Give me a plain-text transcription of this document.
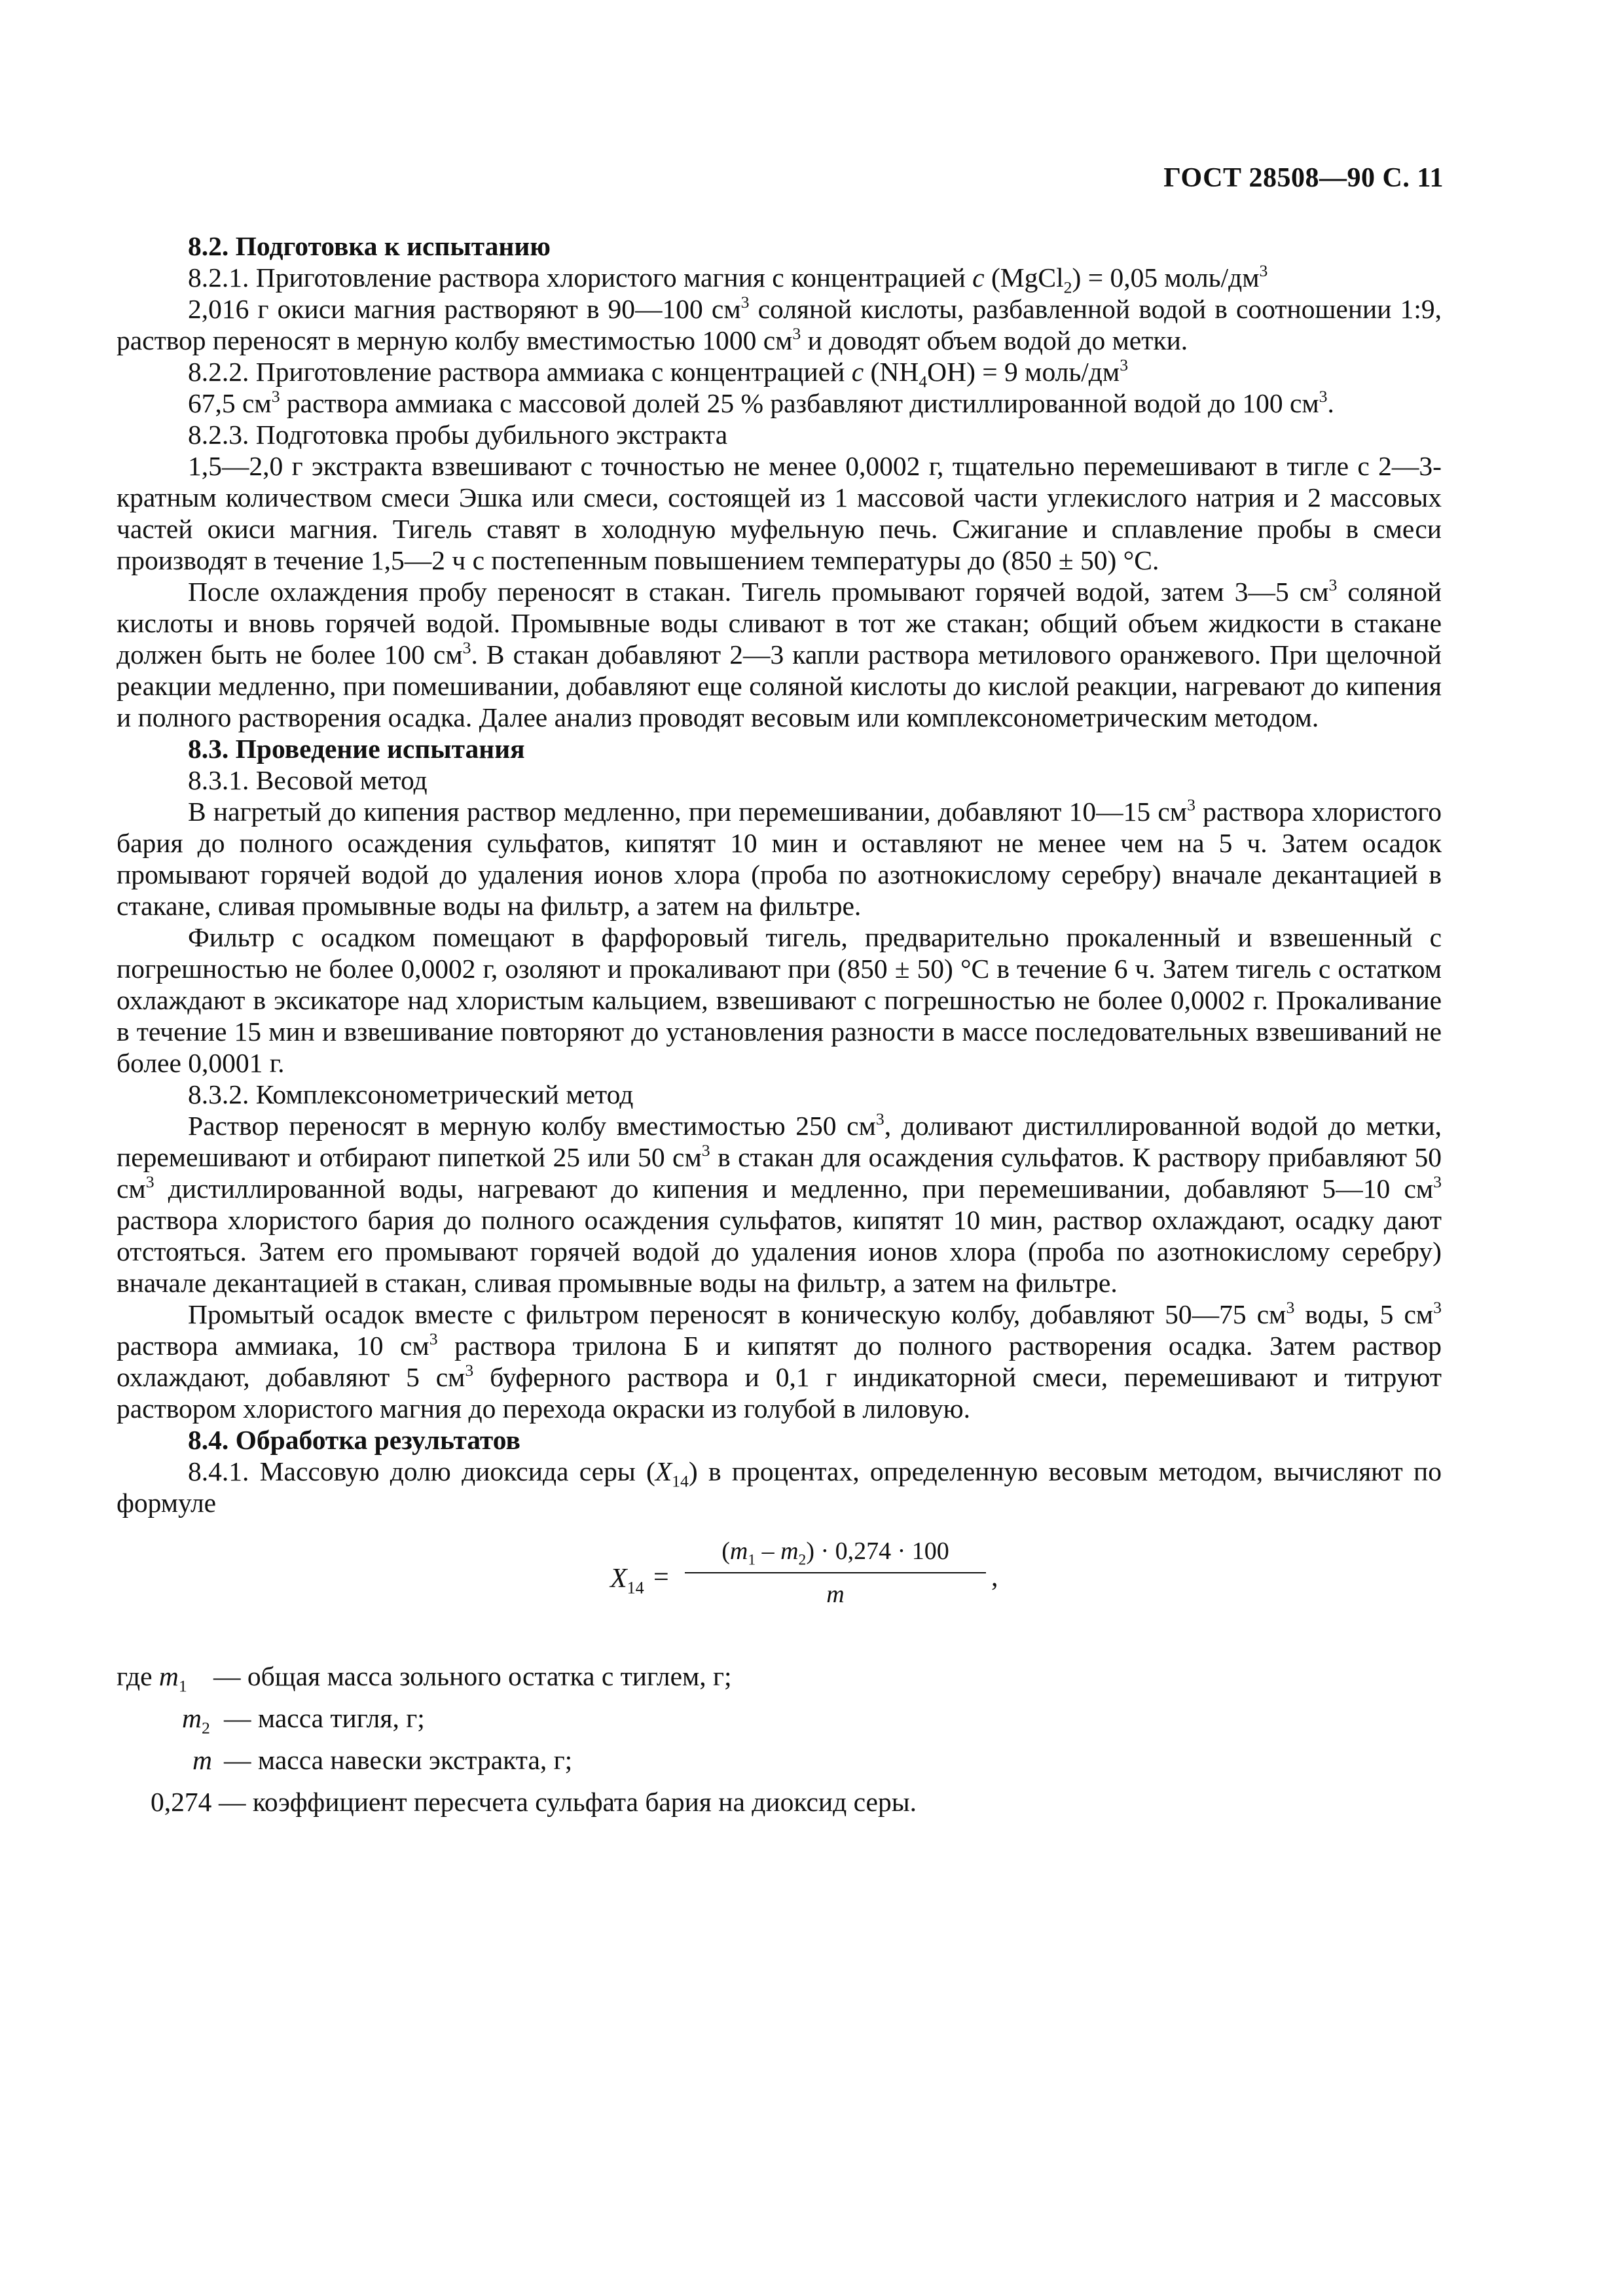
ГОСТ 28508—90 С. 11

8.2. Подготовка к испытанию

8.2.1. Приготовление раствора хлористого магния с концентрацией c (MgCl$_2$) = 0,05 моль/$дм^3$

2,016 г окиси магния растворяют в 90—100 $см^3$ соляной кислоты, разбавленной водой в соотношении 1:9, раствор переносят в мерную колбу вместимостью 1000 $см^3$ и доводят объем водой до метки.

8.2.2. Приготовление раствора аммиака с концентрацией c $(NH_4OH) = 9$ моль/$дм^3$

67,5 $см^3$ раствора аммиака с массовой долей 25 % разбавляют дистиллированной водой до 100 $см^3$.

8.2.3. Подготовка пробы дубильного экстракта

1,5—2,0 г экстракта взвешивают с точностью не менее 0,0002 г, тщательно перемешивают в тигле с 2—3-кратным количеством смеси Эшка или смеси, состоящей из 1 массовой части углекислого натрия и 2 массовых частей окиси магния. Тигель ставят в холодную муфельную печь. Сжигание и сплавление пробы в смеси производят в течение 1,5—2 ч с постепенным повышением температуры до (850 ± 50) °С.

После охлаждения пробу переносят в стакан. Тигель промывают горячей водой, затем 3—5 $см^3$ соляной кислоты и вновь горячей водой. Промывные воды сливают в тот же стакан; общий объем жидкости в стакане должен быть не более 100 $см^3$. В стакан добавляют 2—3 капли раствора метилового оранжевого. При щелочной реакции медленно, при помешивании, добавляют еще соляной кислоты до кислой реакции, нагревают до кипения и полного растворения осадка. Далее анализ проводят весовым или комплексонометрическим методом.

8.3. Проведение испытания

8.3.1. Весовой метод

В нагретый до кипения раствор медленно, при перемешивании, добавляют 10—15 $см^3$ раствора хлористого бария до полного осаждения сульфатов, кипятят 10 мин и оставляют не менее чем на 5 ч. Затем осадок промывают горячей водой до удаления ионов хлора (проба по азотнокислому серебру) вначале декантацией в стакане, сливая промывные воды на фильтр, а затем на фильтре.

Фильтр с осадком помещают в фарфоровый тигель, предварительно прокаленный и взвешенный с погрешностью не более 0,0002 г, озоляют и прокаливают при (850 ± 50) °С в течение 6 ч. Затем тигель с остатком охлаждают в эксикаторе над хлористым кальцием, взвешивают с погрешностью не более 0,0002 г. Прокаливание в течение 15 мин и взвешивание повторяют до установления разности в массе последовательных взвешиваний не более 0,0001 г.

8.3.2. Комплексонометрический метод

Раствор переносят в мерную колбу вместимостью 250 $см^3$, доливают дистиллированной водой до метки, перемешивают и отбирают пипеткой 25 или 50 $см^3$ в стакан для осаждения сульфатов. К раствору прибавляют 50 $см^3$ дистиллированной воды, нагревают до кипения и медленно, при перемешивании, добавляют 5—10 $см^3$ раствора хлористого бария до полного осаждения сульфатов, кипятят 10 мин, раствор охлаждают, осадку дают отстояться. Затем его промывают горячей водой до удаления ионов хлора (проба по азотнокислому серебру) вначале декантацией в стакан, сливая промывные воды на фильтр, а затем на фильтре.

Промытый осадок вместе с фильтром переносят в коническую колбу, добавляют 50—75 $см^3$ воды, 5 $см^3$ раствора аммиака, 10 $см^3$ раствора трилона Б и кипятят до полного растворения осадка. Затем раствор охлаждают, добавляют 5 $см^3$ буферного раствора и 0,1 г индикаторной смеси, перемешивают и титруют раствором хлористого магния до перехода окраски из голубой в лиловую.

8.4. Обработка результатов

8.4.1. Массовую долю диоксида серы $(X_{14})$ в процентах, определенную весовым методом, вычисляют по формуле

$X_{14}$ =
$(m_1 - m_2) \cdot 0,274 \cdot 100$
m
,
где $m_1$ — общая масса зольного остатка с тиглем, г;
$m_2$ — масса тигля, г;
m — масса навески экстракта, г;
0,274 — коэффициент пересчета сульфата бария на диоксид серы.
